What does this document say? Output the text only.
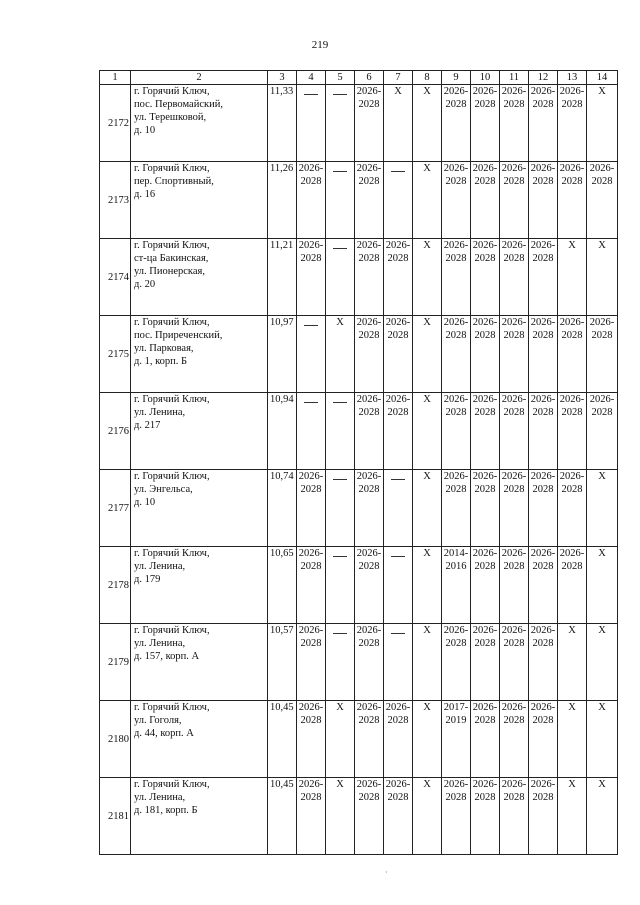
219
1	2	3	4	5	6	7	8	9	10	11	12	13	14
2172	г. Горячий Ключ,
пос. Первомайский,
ул. Терешковой,
д. 10	11,33			2026-
2028	X	X	2026-
2028	2026-
2028	2026-
2028	2026-
2028	2026-
2028	X
2173	г. Горячий Ключ,
пер. Спортивный,
д. 16	11,26	2026-
2028		2026-
2028		X	2026-
2028	2026-
2028	2026-
2028	2026-
2028	2026-
2028	2026-
2028
2174	г. Горячий Ключ,
ст-ца Бакинская,
ул. Пионерская,
д. 20	11,21	2026-
2028		2026-
2028	2026-
2028	X	2026-
2028	2026-
2028	2026-
2028	2026-
2028	X	X
2175	г. Горячий Ключ,
пос. Приреченский,
ул. Парковая,
д. 1, корп. Б	10,97		X	2026-
2028	2026-
2028	X	2026-
2028	2026-
2028	2026-
2028	2026-
2028	2026-
2028	2026-
2028
2176	г. Горячий Ключ,
ул. Ленина,
д. 217	10,94			2026-
2028	2026-
2028	X	2026-
2028	2026-
2028	2026-
2028	2026-
2028	2026-
2028	2026-
2028
2177	г. Горячий Ключ,
ул. Энгельса,
д. 10	10,74	2026-
2028		2026-
2028		X	2026-
2028	2026-
2028	2026-
2028	2026-
2028	2026-
2028	X
2178	г. Горячий Ключ,
ул. Ленина,
д. 179	10,65	2026-
2028		2026-
2028		X	2014-
2016	2026-
2028	2026-
2028	2026-
2028	2026-
2028	X
2179	г. Горячий Ключ,
ул. Ленина,
д. 157, корп. А	10,57	2026-
2028		2026-
2028		X	2026-
2028	2026-
2028	2026-
2028	2026-
2028	X	X
2180	г. Горячий Ключ,
ул. Гоголя,
д. 44, корп. А	10,45	2026-
2028	X	2026-
2028	2026-
2028	X	2017-
2019	2026-
2028	2026-
2028	2026-
2028	X	X
2181	г. Горячий Ключ,
ул. Ленина,
д. 181, корп. Б	10,45	2026-
2028	X	2026-
2028	2026-
2028	X	2026-
2028	2026-
2028	2026-
2028	2026-
2028	X	X
·
